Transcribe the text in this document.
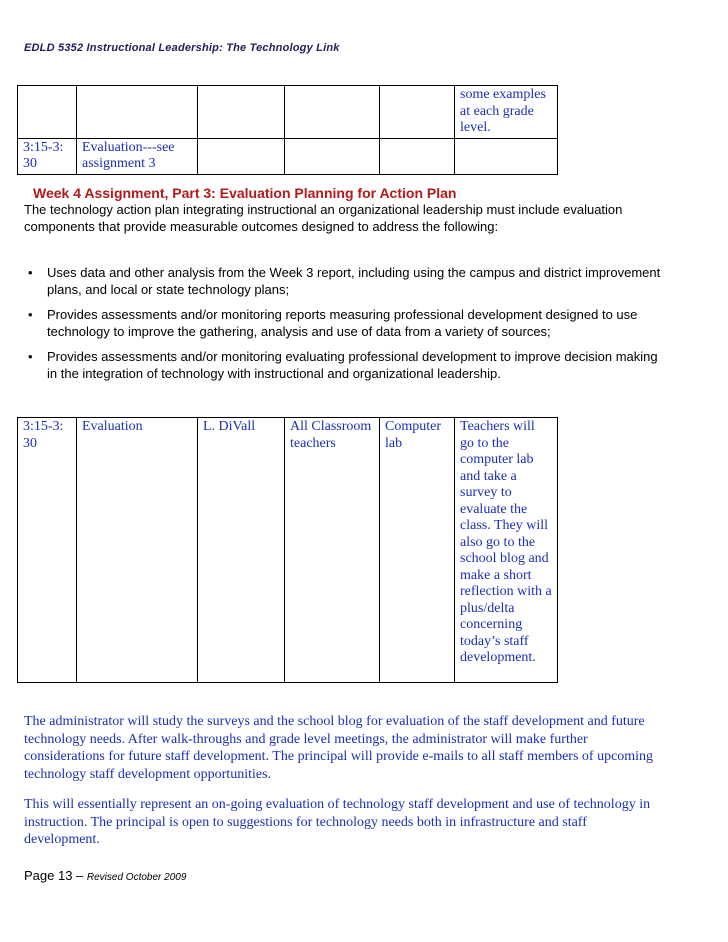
EDLD 5352 Instructional Leadership: The Technology Link
					some examples at each grade level.
3:15-3: 30	Evaluation---see assignment 3				
Week 4 Assignment, Part 3: Evaluation Planning for Action Plan
The technology action plan integrating instructional an organizational leadership must include evaluation components that provide measurable outcomes designed to address the following:
• Uses data and other analysis from the Week 3 report, including using the campus and district improvement plans, and local or state technology plans;
• Provides assessments and/or monitoring reports measuring professional development designed to use technology to improve the gathering, analysis and use of data from a variety of sources;
• Provides assessments and/or monitoring evaluating professional development to improve decision making in the integration of technology with instructional and organizational leadership.
3:15-3: 30	Evaluation	L. DiVall	All Classroom teachers	Computer lab	Teachers will go to the computer lab and take a survey to evaluate the class. They will also go to the school blog and make a short reflection with a plus/delta concerning today’s staff development.

The administrator will study the surveys and the school blog for evaluation of the staff development and future technology needs. After walk-throughs and grade level meetings, the administrator will make further considerations for future staff development. The principal will provide e-mails to all staff members of upcoming technology staff development opportunities.

This will essentially represent an on-going evaluation of technology staff development and use of technology in instruction. The principal is open to suggestions for technology needs both in infrastructure and staff development.

Page 13 – Revised October 2009
